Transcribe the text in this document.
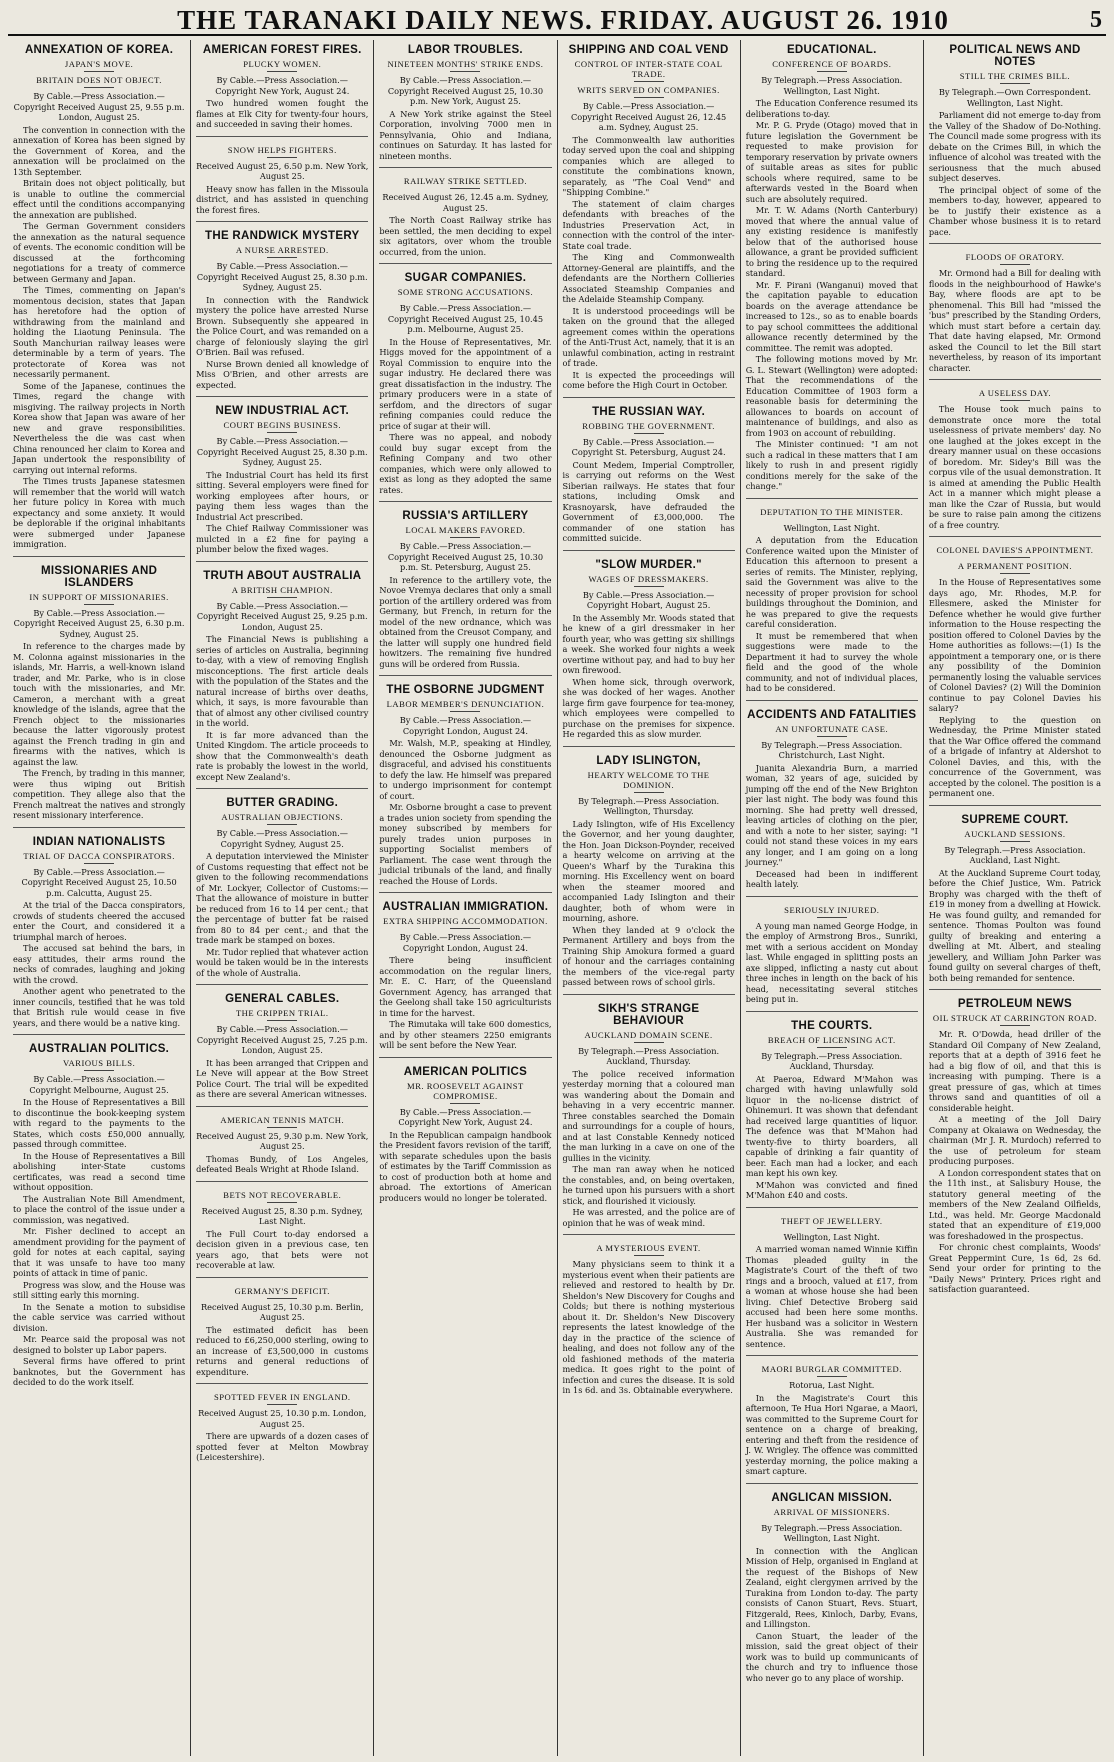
THE TARANAKI DAILY NEWS. FRIDAY. AUGUST 26. 1910	5
ANNEXATION OF KOREA.
JAPAN'S MOVE.
BRITAIN DOES NOT OBJECT.
By Cable.—Press Association.—Copyright Received August 25, 9.55 p.m. London, August 25.

The convention in connection with the annexation of Korea has been signed by the Government of Korea, and the annexation will be proclaimed on the 13th September.

Britain does not object politically, but is unable to outline the commercial effect until the conditions accompanying the annexation are published.

The German Government considers the annexation as the natural sequence of events. The economic condition will be discussed at the forthcoming negotiations for a treaty of commerce between Germany and Japan.

The Times, commenting on Japan's momentous decision, states that Japan has heretofore had the option of withdrawing from the mainland and holding the Liaotung Peninsula. The South Manchurian railway leases were determinable by a term of years. The protectorate of Korea was not necessarily permanent.

Some of the Japanese, continues the Times, regard the change with misgiving. The railway projects in North Korea show that Japan was aware of her new and grave responsibilities. Nevertheless the die was cast when China renounced her claim to Korea and Japan undertook the responsibility of carrying out internal reforms.

The Times trusts Japanese statesmen will remember that the world will watch her future policy in Korea with much expectancy and some anxiety. It would be deplorable if the original inhabitants were submerged under Japanese immigration.

MISSIONARIES AND ISLANDERS
IN SUPPORT OF MISSIONARIES.
By Cable.—Press Association.—Copyright Received August 25, 6.30 p.m. Sydney, August 25.

In reference to the charges made by M. Colonna against missionaries in the islands, Mr. Harris, a well-known island trader, and Mr. Parke, who is in close touch with the missionaries, and Mr. Cameron, a merchant with a great knowledge of the islands, agree that the French object to the missionaries because the latter vigorously protest against the French trading in gin and firearms with the natives, which is against the law.

The French, by trading in this manner, were thus wiping out British competition. They allege also that the French maltreat the natives and strongly resent missionary interference.

INDIAN NATIONALISTS
TRIAL OF DACCA CONSPIRATORS.
By Cable.—Press Association.—Copyright Received August 25, 10.50 p.m. Calcutta, August 25.

At the trial of the Dacca conspirators, crowds of students cheered the accused enter the Court, and considered it a triumphal march of heroes.

The accused sat behind the bars, in easy attitudes, their arms round the necks of comrades, laughing and joking with the crowd.

Another agent who penetrated to the inner councils, testified that he was told that British rule would cease in five years, and there would be a native king.

AUSTRALIAN POLITICS.
VARIOUS BILLS.
By Cable.—Press Association.—Copyright Melbourne, August 25.

In the House of Representatives a Bill to discontinue the book-keeping system with regard to the payments to the States, which costs £50,000 annually, passed through committee.

In the House of Representatives a Bill abolishing inter-State customs certificates, was read a second time without opposition.

The Australian Note Bill Amendment, to place the control of the issue under a commission, was negatived.

Mr. Fisher declined to accept an amendment providing for the payment of gold for notes at each capital, saying that it was unsafe to have too many points of attack in time of panic.

Progress was slow, and the House was still sitting early this morning.

In the Senate a motion to subsidise the cable service was carried without division.

Mr. Pearce said the proposal was not designed to bolster up Labor papers.

Several firms have offered to print banknotes, but the Government has decided to do the work itself.

AMERICAN FOREST FIRES.
PLUCKY WOMEN.
By Cable.—Press Association.—Copyright New York, August 24.

Two hundred women fought the flames at Elk City for twenty-four hours, and succeeded in saving their homes.

SNOW HELPS FIGHTERS.
Received August 25, 6.50 p.m. New York, August 25.

Heavy snow has fallen in the Missoula district, and has assisted in quenching the forest fires.

THE RANDWICK MYSTERY
A NURSE ARRESTED.
By Cable.—Press Association.—Copyright Received August 25, 8.30 p.m. Sydney, August 25.

In connection with the Randwick mystery the police have arrested Nurse Brown. Subsequently she appeared in the Police Court, and was remanded on a charge of feloniously slaying the girl O'Brien. Bail was refused.

Nurse Brown denied all knowledge of Miss O'Brien, and other arrests are expected.

NEW INDUSTRIAL ACT.
COURT BEGINS BUSINESS.
By Cable.—Press Association.—Copyright Received August 25, 8.30 p.m. Sydney, August 25.

The Industrial Court has held its first sitting. Several employers were fined for working employees after hours, or paying them less wages than the Industrial Act prescribed.

The Chief Railway Commissioner was mulcted in a £2 fine for paying a plumber below the fixed wages.

TRUTH ABOUT AUSTRALIA
A BRITISH CHAMPION.
By Cable.—Press Association.—Copyright Received August 25, 9.25 p.m. London, August 25.

The Financial News is publishing a series of articles on Australia, beginning to-day, with a view of removing English misconceptions. The first article deals with the population of the States and the natural increase of births over deaths, which, it says, is more favourable than that of almost any other civilised country in the world.

It is far more advanced than the United Kingdom. The article proceeds to show that the Commonwealth's death rate is probably the lowest in the world, except New Zealand's.

BUTTER GRADING.
AUSTRALIAN OBJECTIONS.
By Cable.—Press Association.—Copyright Sydney, August 25.

A deputation interviewed the Minister of Customs requesting that effect not be given to the following recommendations of Mr. Lockyer, Collector of Customs:—That the allowance of moisture in butter be reduced from 16 to 14 per cent.; that the percentage of butter fat be raised from 80 to 84 per cent.; and that the trade mark be stamped on boxes.

Mr. Tudor replied that whatever action would be taken would be in the interests of the whole of Australia.

GENERAL CABLES.
THE CRIPPEN TRIAL.
By Cable.—Press Association.—Copyright Received August 25, 7.25 p.m. London, August 25.

It has been arranged that Crippen and Le Neve will appear at the Bow Street Police Court. The trial will be expedited as there are several American witnesses.

AMERICAN TENNIS MATCH.
Received August 25, 9.30 p.m. New York, August 25.

Thomas Bundy, of Los Angeles, defeated Beals Wright at Rhode Island.

BETS NOT RECOVERABLE.
Received August 25, 8.30 p.m. Sydney, Last Night.

The Full Court to-day endorsed a decision given in a previous case, ten years ago, that bets were not recoverable at law.

GERMANY'S DEFICIT.
Received August 25, 10.30 p.m. Berlin, August 25.

The estimated deficit has been reduced to £6,250,000 sterling, owing to an increase of £3,500,000 in customs returns and general reductions of expenditure.

SPOTTED FEVER IN ENGLAND.
Received August 25, 10.30 p.m. London, August 25.

There are upwards of a dozen cases of spotted fever at Melton Mowbray (Leicestershire).

LABOR TROUBLES.
NINETEEN MONTHS' STRIKE ENDS.
By Cable.—Press Association.—Copyright Received August 25, 10.30 p.m. New York, August 25.

A New York strike against the Steel Corporation, involving 7000 men in Pennsylvania, Ohio and Indiana, continues on Saturday. It has lasted for nineteen months.

RAILWAY STRIKE SETTLED.
Received August 26, 12.45 a.m. Sydney, August 25.

The North Coast Railway strike has been settled, the men deciding to expel six agitators, over whom the trouble occurred, from the union.

SUGAR COMPANIES.
SOME STRONG ACCUSATIONS.
By Cable.—Press Association.—Copyright Received August 25, 10.45 p.m. Melbourne, August 25.

In the House of Representatives, Mr. Higgs moved for the appointment of a Royal Commission to enquire into the sugar industry. He declared there was great dissatisfaction in the industry. The primary producers were in a state of serfdom, and the directors of sugar refining companies could reduce the price of sugar at their will.

There was no appeal, and nobody could buy sugar except from the Refining Company and two other companies, which were only allowed to exist as long as they adopted the same rates.

RUSSIA'S ARTILLERY
LOCAL MAKERS FAVORED.
By Cable.—Press Association.—Copyright Received August 25, 10.30 p.m. St. Petersburg, August 25.

In reference to the artillery vote, the Novoe Vremya declares that only a small portion of the artillery ordered was from Germany, but French, in return for the model of the new ordnance, which was obtained from the Creusot Company, and the latter will supply one hundred field howitzers. The remaining five hundred guns will be ordered from Russia.

THE OSBORNE JUDGMENT
LABOR MEMBER'S DENUNCIATION.
By Cable.—Press Association.—Copyright London, August 24.

Mr. Walsh, M.P., speaking at Hindley, denounced the Osborne judgment as disgraceful, and advised his constituents to defy the law. He himself was prepared to undergo imprisonment for contempt of court.

Mr. Osborne brought a case to prevent a trades union society from spending the money subscribed by members for purely trades union purposes in supporting Socialist members of Parliament. The case went through the judicial tribunals of the land, and finally reached the House of Lords.

AUSTRALIAN IMMIGRATION.
EXTRA SHIPPING ACCOMMODATION.
By Cable.—Press Association.—Copyright London, August 24.

There being insufficient accommodation on the regular liners, Mr. E. C. Harr, of the Queensland Government Agency, has arranged that the Geelong shall take 150 agriculturists in time for the harvest.

The Rimutaka will take 600 domestics, and by other steamers 2250 emigrants will be sent before the New Year.

AMERICAN POLITICS
MR. ROOSEVELT AGAINST COMPROMISE.
By Cable.—Press Association.—Copyright New York, August 24.

In the Republican campaign handbook the President favors revision of the tariff, with separate schedules upon the basis of estimates by the Tariff Commission as to cost of production both at home and abroad. The extortions of American producers would no longer be tolerated.

SHIPPING AND COAL VEND
CONTROL OF INTER-STATE COAL TRADE.
WRITS SERVED ON COMPANIES.
By Cable.—Press Association.—Copyright Received August 26, 12.45 a.m. Sydney, August 25.

The Commonwealth law authorities today served upon the coal and shipping companies which are alleged to constitute the combinations known, separately, as "The Coal Vend" and "Shipping Combine."

The statement of claim charges defendants with breaches of the Industries Preservation Act, in connection with the control of the inter-State coal trade.

The King and Commonwealth Attorney-General are plaintiffs, and the defendants are the Northern Collieries Associated Steamship Companies and the Adelaide Steamship Company.

It is understood proceedings will be taken on the ground that the alleged agreement comes within the operations of the Anti-Trust Act, namely, that it is an unlawful combination, acting in restraint of trade.

It is expected the proceedings will come before the High Court in October.

THE RUSSIAN WAY.
ROBBING THE GOVERNMENT.
By Cable.—Press Association.—Copyright St. Petersburg, August 24.

Count Medem, Imperial Comptroller, is carrying out reforms on the West Siberian railways. He states that four stations, including Omsk and Krasnoyarsk, have defrauded the Government of £3,000,000. The commander of one station has committed suicide.

"SLOW MURDER."
WAGES OF DRESSMAKERS.
By Cable.—Press Association.—Copyright Hobart, August 25.

In the Assembly Mr. Woods stated that he knew of a girl dressmaker in her fourth year, who was getting six shillings a week. She worked four nights a week overtime without pay, and had to buy her own firewood.

When home sick, through overwork, she was docked of her wages. Another large firm gave fourpence for tea-money, which employees were compelled to purchase on the premises for sixpence. He regarded this as slow murder.

LADY ISLINGTON,
HEARTY WELCOME TO THE DOMINION.
By Telegraph.—Press Association. Wellington, Thursday.

Lady Islington, wife of His Excellency the Governor, and her young daughter, the Hon. Joan Dickson-Poynder, received a hearty welcome on arriving at the Queen's Wharf by the Turakina this morning. His Excellency went on board when the steamer moored and accompanied Lady Islington and their daughter, both of whom were in mourning, ashore.

When they landed at 9 o'clock the Permanent Artillery and boys from the Training Ship Amokura formed a guard of honour and the carriages containing the members of the vice-regal party passed between rows of school girls.

SIKH'S STRANGE BEHAVIOUR
AUCKLAND DOMAIN SCENE.
By Telegraph.—Press Association. Auckland, Thursday.

The police received information yesterday morning that a coloured man was wandering about the Domain and behaving in a very eccentric manner. Three constables searched the Domain and surroundings for a couple of hours, and at last Constable Kennedy noticed the man lurking in a cave on one of the gullies in the vicinity.

The man ran away when he noticed the constables, and, on being overtaken, he turned upon his pursuers with a short stick, and flourished it viciously.

He was arrested, and the police are of opinion that he was of weak mind.

A MYSTERIOUS EVENT.

Many physicians seem to think it a mysterious event when their patients are relieved and restored to health by Dr. Sheldon's New Discovery for Coughs and Colds; but there is nothing mysterious about it. Dr. Sheldon's New Discovery represents the latest knowledge of the day in the practice of the science of healing, and does not follow any of the old fashioned methods of the materia medica. It goes right to the point of infection and cures the disease. It is sold in 1s 6d. and 3s. Obtainable everywhere.

EDUCATIONAL.
CONFERENCE OF BOARDS.
By Telegraph.—Press Association. Wellington, Last Night.

The Education Conference resumed its deliberations to-day.

Mr. P. G. Pryde (Otago) moved that in future legislation the Government be requested to make provision for temporary reservation by private owners of suitable areas as sites for public schools where required, same to be afterwards vested in the Board when such are absolutely required.

Mr. T. W. Adams (North Canterbury) moved that where the annual value of any existing residence is manifestly below that of the authorised house allowance, a grant be provided sufficient to bring the residence up to the required standard.

Mr. F. Pirani (Wanganui) moved that the capitation payable to education boards on the average attendance be increased to 12s., so as to enable boards to pay school committees the additional allowance recently determined by the committee. The remit was adopted.

The following motions moved by Mr. G. L. Stewart (Wellington) were adopted: That the recommendations of the Education Committee of 1903 form a reasonable basis for determining the allowances to boards on account of maintenance of buildings, and also as from 1903 on account of rebuilding.

The Minister continued: "I am not such a radical in these matters that I am likely to rush in and present rigidly conditions merely for the sake of the change."

DEPUTATION TO THE MINISTER.
Wellington, Last Night.

A deputation from the Education Conference waited upon the Minister of Education this afternoon to present a series of remits. The Minister, replying, said the Government was alive to the necessity of proper provision for school buildings throughout the Dominion, and he was prepared to give the requests careful consideration.

It must be remembered that when suggestions were made to the Department it had to survey the whole field and the good of the whole community, and not of individual places, had to be considered.

ACCIDENTS AND FATALITIES
AN UNFORTUNATE CASE.
By Telegraph.—Press Association. Christchurch, Last Night.

Juanita Alexandria Burn, a married woman, 32 years of age, suicided by jumping off the end of the New Brighton pier last night. The body was found this morning. She had pretty well dressed, leaving articles of clothing on the pier, and with a note to her sister, saying: "I could not stand these voices in my ears any longer, and I am going on a long journey."

Deceased had been in indifferent health lately.

SERIOUSLY INJURED.

A young man named George Hodge, in the employ of Armstrong Bros., Sunriki, met with a serious accident on Monday last. While engaged in splitting posts an axe slipped, inflicting a nasty cut about three inches in length on the back of his head, necessitating several stitches being put in.

THE COURTS.
BREACH OF LICENSING ACT.
By Telegraph.—Press Association. Auckland, Thursday.

At Paeroa, Edward M'Mahon was charged with having unlawfully sold liquor in the no-license district of Ohinemuri. It was shown that defendant had received large quantities of liquor. The defence was that M'Mahon had twenty-five to thirty boarders, all capable of drinking a fair quantity of beer. Each man had a locker, and each man kept his own key.

M'Mahon was convicted and fined M'Mahon £40 and costs.

THEFT OF JEWELLERY.
Wellington, Last Night.

A married woman named Winnie Kiffin Thomas pleaded guilty in the Magistrate's Court of the theft of two rings and a brooch, valued at £17, from a woman at whose house she had been living. Chief Detective Broberg said accused had been here some months. Her husband was a solicitor in Western Australia. She was remanded for sentence.

MAORI BURGLAR COMMITTED.
Rotorua, Last Night.

In the Magistrate's Court this afternoon, Te Hua Hori Ngarae, a Maori, was committed to the Supreme Court for sentence on a charge of breaking, entering and theft from the residence of J. W. Wrigley. The offence was committed yesterday morning, the police making a smart capture.

ANGLICAN MISSION.
ARRIVAL OF MISSIONERS.
By Telegraph.—Press Association. Wellington, Last Night.

In connection with the Anglican Mission of Help, organised in England at the request of the Bishops of New Zealand, eight clergymen arrived by the Turakina from London to-day. The party consists of Canon Stuart, Revs. Stuart, Fitzgerald, Rees, Kinloch, Darby, Evans, and Lillingston.

Canon Stuart, the leader of the mission, said the great object of their work was to build up communicants of the church and try to influence those who never go to any place of worship.

POLITICAL NEWS AND NOTES
STILL THE CRIMES BILL.
By Telegraph.—Own Correspondent. Wellington, Last Night.

Parliament did not emerge to-day from the Valley of the Shadow of Do-Nothing. The Council made some progress with its debate on the Crimes Bill, in which the influence of alcohol was treated with the seriousness that the much abused subject deserves.

The principal object of some of the members to-day, however, appeared to be to justify their existence as a Chamber whose business it is to retard pace.

FLOODS OF ORATORY.

Mr. Ormond had a Bill for dealing with floods in the neighbourhood of Hawke's Bay, where floods are apt to be phenomenal. This Bill had "missed the 'bus" prescribed by the Standing Orders, which must start before a certain day. That date having elapsed, Mr. Ormond asked the Council to let the Bill start nevertheless, by reason of its important character.

A USELESS DAY.

The House took much pains to demonstrate once more the total uselessness of private members' day. No one laughed at the jokes except in the dreary manner usual on these occasions of boredom. Mr. Sidey's Bill was the corpus vile of the usual demonstration. It is aimed at amending the Public Health Act in a manner which might please a man like the Czar of Russia, but would be sure to raise pain among the citizens of a free country.

COLONEL DAVIES'S APPOINTMENT.
A PERMANENT POSITION.

In the House of Representatives some days ago, Mr. Rhodes, M.P. for Ellesmere, asked the Minister for Defence whether he would give further information to the House respecting the position offered to Colonel Davies by the Home authorities as follows:—(1) Is the appointment a temporary one, or is there any possibility of the Dominion permanently losing the valuable services of Colonel Davies? (2) Will the Dominion continue to pay Colonel Davies his salary?

Replying to the question on Wednesday, the Prime Minister stated that the War Office offered the command of a brigade of infantry at Aldershot to Colonel Davies, and this, with the concurrence of the Government, was accepted by the colonel. The position is a permanent one.

SUPREME COURT.
AUCKLAND SESSIONS.
By Telegraph.—Press Association. Auckland, Last Night.

At the Auckland Supreme Court today, before the Chief Justice, Wm. Patrick Brophy was charged with the theft of £19 in money from a dwelling at Howick. He was found guilty, and remanded for sentence. Thomas Poulton was found guilty of breaking and entering a dwelling at Mt. Albert, and stealing jewellery, and William John Parker was found guilty on several charges of theft, both being remanded for sentence.

PETROLEUM NEWS
OIL STRUCK AT CARRINGTON ROAD.

Mr. R. O'Dowda, head driller of the Standard Oil Company of New Zealand, reports that at a depth of 3916 feet he had a big flow of oil, and that this is increasing with pumping. There is a great pressure of gas, which at times throws sand and quantities of oil a considerable height.

At a meeting of the Joll Dairy Company at Okaiawa on Wednesday, the chairman (Mr J. R. Murdoch) referred to the use of petroleum for steam producing purposes.

A London correspondent states that on the 11th inst., at Salisbury House, the statutory general meeting of the members of the New Zealand Oilfields, Ltd., was held. Mr. George Macdonald stated that an expenditure of £19,000 was foreshadowed in the prospectus.

For chronic chest complaints, Woods' Great Peppermint Cure, 1s 6d, 2s 6d. Send your order for printing to the "Daily News" Printery. Prices right and satisfaction guaranteed.
